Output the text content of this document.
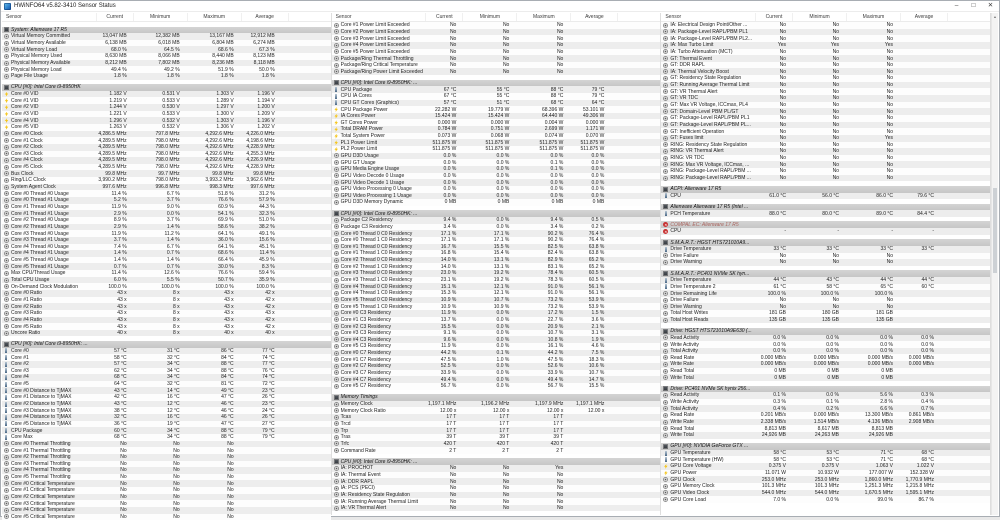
HWiNFO64 v5.82-3410 Sensor Status	–	□	✕
Sensor	Current	Minimum	Maximum	Average
System: Alienware 17 R5
Virtual Memory Committed	13,047 MB	12,382 MB	13,167 MB	12,912 MB
Virtual Memory Available	6,138 MB	6,018 MB	6,804 MB	6,274 MB
Virtual Memory Load	68.0 %	64.5 %	68.6 %	67.3 %
Physical Memory Used	8,630 MB	8,066 MB	8,440 MB	8,123 MB
Physical Memory Available	8,212 MB	7,802 MB	8,236 MB	8,118 MB
Physical Memory Load	49.4 %	49.2 %	51.9 %	50.0 %
Page File Usage	1.8 %	1.8 %	1.8 %	1.8 %
CPU [#0]: Intel Core i9-8950HK
Core #0 VID	1.182 V	0.531 V	1.303 V	1.196 V
Core #1 VID	1.219 V	0.533 V	1.289 V	1.194 V
Core #2 VID	1.244 V	0.530 V	1.297 V	1.200 V
Core #3 VID	1.221 V	0.533 V	1.300 V	1.209 V
Core #4 VID	1.296 V	0.532 V	1.303 V	1.196 V
Core #5 VID	1.263 V	0.532 V	1.306 V	1.202 V
Core #0 Clock	4,286.5 MHz	797.8 MHz	4,292.6 MHz	4,226.0 MHz
Core #1 Clock	4,289.5 MHz	798.0 MHz	4,292.6 MHz	4,198.6 MHz
Core #2 Clock	4,289.5 MHz	798.0 MHz	4,292.6 MHz	4,228.9 MHz
Core #3 Clock	4,289.5 MHz	798.0 MHz	4,292.6 MHz	4,255.3 MHz
Core #4 Clock	4,289.5 MHz	798.0 MHz	4,292.6 MHz	4,226.9 MHz
Core #5 Clock	4,289.5 MHz	798.0 MHz	4,292.6 MHz	4,228.9 MHz
Bus Clock	99.8 MHz	99.7 MHz	99.8 MHz	99.8 MHz
Ring/LLC Clock	3,990.2 MHz	798.0 MHz	3,993.2 MHz	3,962.6 MHz
System Agent Clock	997.6 MHz	996.8 MHz	998.3 MHz	997.6 MHz
Core #0 Thread #0 Usage	11.4 %	6.7 %	51.8 %	31.2 %
Core #0 Thread #1 Usage	5.2 %	3.7 %	76.6 %	57.9 %
Core #1 Thread #0 Usage	11.9 %	9.0 %	60.9 %	44.3 %
Core #1 Thread #1 Usage	2.9 %	0.0 %	54.1 %	32.3 %
Core #2 Thread #0 Usage	8.9 %	3.7 %	69.9 %	51.0 %
Core #2 Thread #1 Usage	2.9 %	1.4 %	58.6 %	38.2 %
Core #3 Thread #0 Usage	11.9 %	11.2 %	64.1 %	49.1 %
Core #3 Thread #1 Usage	3.7 %	1.4 %	36.0 %	15.6 %
Core #4 Thread #0 Usage	7.4 %	6.7 %	64.1 %	45.1 %
Core #4 Thread #1 Usage	1.4 %	0.7 %	68.6 %	11.4 %
Core #5 Thread #0 Usage	1.4 %	1.4 %	66.4 %	45.9 %
Core #5 Thread #1 Usage	0.7 %	0.7 %	30.0 %	8.3 %
Max CPU/Thread Usage	11.4 %	12.6 %	76.6 %	59.4 %
Total CPU Usage	6.0 %	5.5 %	50.7 %	35.9 %
On-Demand Clock Modulation	100.0 %	100.0 %	100.0 %	100.0 %
Core #0 Ratio	43 x	8 x	43 x	42 x
Core #1 Ratio	43 x	8 x	43 x	42 x
Core #2 Ratio	43 x	8 x	43 x	42 x
Core #3 Ratio	43 x	8 x	43 x	43 x
Core #4 Ratio	43 x	8 x	43 x	42 x
Core #5 Ratio	43 x	8 x	43 x	42 x
Uncore Ratio	40 x	8 x	40 x	40 x
CPU [#0]: Intel Core i9-8950HK: ...
Core #0	57 °C	31 °C	86 °C	77 °C
Core #1	58 °C	32 °C	84 °C	74 °C
Core #2	57 °C	34 °C	88 °C	77 °C
Core #3	62 °C	34 °C	88 °C	76 °C
Core #4	68 °C	34 °C	84 °C	74 °C
Core #5	64 °C	32 °C	81 °C	72 °C
Core #0 Distance to TjMAX	43 °C	14 °C	49 °C	23 °C
Core #1 Distance to TjMAX	42 °C	16 °C	47 °C	26 °C
Core #2 Distance to TjMAX	43 °C	12 °C	46 °C	23 °C
Core #3 Distance to TjMAX	38 °C	12 °C	46 °C	24 °C
Core #4 Distance to TjMAX	32 °C	16 °C	46 °C	26 °C
Core #5 Distance to TjMAX	36 °C	19 °C	47 °C	27 °C
CPU Package	60 °C	34 °C	88 °C	79 °C
Core Max	68 °C	34 °C	88 °C	79 °C
Core #0 Thermal Throttling	No	No	No
Core #1 Thermal Throttling	No	No	No
Core #2 Thermal Throttling	No	No	No
Core #3 Thermal Throttling	No	No	No
Core #4 Thermal Throttling	No	No	No
Core #5 Thermal Throttling	No	No	No
Core #0 Critical Temperature	No	No	No
Core #1 Critical Temperature	No	No	No
Core #2 Critical Temperature	No	No	No
Core #3 Critical Temperature	No	No	No
Core #4 Critical Temperature	No	No	No
Core #5 Critical Temperature	No	No	No
Sensor	Current	Minimum	Maximum	Average
Core #1 Power Limit Exceeded	No	No	No
Core #2 Power Limit Exceeded	No	No	No
Core #3 Power Limit Exceeded	No	No	No
Core #4 Power Limit Exceeded	No	No	No
Core #5 Power Limit Exceeded	No	No	No
Package/Ring Thermal Throttling	No	No	No
Package/Ring Critical Temperature	No	No	No
Package/Ring Power Limit Exceeded	No	No	No
CPU [#0]: Intel Core i9-8950HK: ...
CPU Package	67 °C	55 °C	88 °C	79 °C
CPU IA Cores	67 °C	55 °C	88 °C	79 °C
CPU GT Cores (Graphics)	57 °C	51 °C	68 °C	64 °C
CPU Package Power	22.282 W	19.779 W	68.396 W	53.101 W
IA Cores Power	15.424 W	15.424 W	64.440 W	49.306 W
GT Cores Power	0.000 W	0.000 W	0.004 W	0.000 W
Total DRAM Power	0.784 W	0.751 W	2.699 W	1.171 W
Total System Power	0.073 W	0.068 W	0.074 W	0.070 W
PL1 Power Limit	511.875 W	511.875 W	511.875 W	511.875 W
PL2 Power Limit	511.875 W	511.875 W	511.875 W	511.875 W
GPU D3D Usage	0.0 %	0.0 %	0.0 %	0.0 %
GPU GT Usage	0.0 %	0.0 %	0.1 %	0.0 %
GPU Media Engine Usage	0.0 %	0.0 %	0.1 %	0.0 %
GPU Video Decode 0 Usage	0.0 %	0.0 %	0.0 %	0.0 %
GPU Video Decode 1 Usage	0.0 %	0.0 %	0.0 %	0.0 %
GPU Video Processing 0 Usage	0.0 %	0.0 %	0.0 %	0.0 %
GPU Video Processing 1 Usage	0.0 %	0.0 %	0.0 %	0.0 %
GPU D3D Memory Dynamic	0 MB	0 MB	0 MB	0 MB
CPU [#0]: Intel Core i9-8950HK: ...
Package C2 Residency	9.4 %	0.0 %	9.4 %	0.5 %
Package C3 Residency	3.4 %	0.0 %	3.4 %	0.2 %
Core #0 Thread 0 C0 Residency	17.1 %	17.1 %	90.2 %	76.4 %
Core #0 Thread 1 C0 Residency	17.1 %	17.1 %	90.2 %	76.4 %
Core #1 Thread 0 C0 Residency	16.7 %	15.5 %	82.5 %	63.8 %
Core #1 Thread 1 C0 Residency	16.8 %	15.4 %	82.4 %	63.8 %
Core #2 Thread 0 C0 Residency	14.0 %	13.1 %	82.9 %	65.2 %
Core #2 Thread 1 C0 Residency	14.0 %	13.1 %	83.1 %	65.2 %
Core #3 Thread 0 C0 Residency	23.0 %	19.2 %	78.4 %	60.5 %
Core #3 Thread 1 C0 Residency	23.1 %	19.2 %	78.3 %	60.5 %
Core #4 Thread 0 C0 Residency	15.1 %	12.1 %	91.0 %	56.1 %
Core #4 Thread 1 C0 Residency	15.3 %	12.1 %	91.0 %	56.1 %
Core #5 Thread 0 C0 Residency	10.9 %	10.7 %	73.2 %	53.9 %
Core #5 Thread 1 C0 Residency	10.9 %	10.9 %	73.2 %	53.9 %
Core #0 C3 Residency	11.9 %	0.0 %	17.2 %	1.5 %
Core #1 C3 Residency	13.7 %	0.0 %	22.7 %	3.6 %
Core #2 C3 Residency	15.5 %	0.0 %	20.9 %	2.1 %
Core #3 C3 Residency	9.1 %	0.0 %	10.7 %	3.1 %
Core #4 C3 Residency	9.6 %	0.0 %	10.8 %	1.9 %
Core #5 C3 Residency	11.9 %	0.0 %	16.1 %	4.6 %
Core #0 C7 Residency	44.2 %	0.1 %	44.2 %	7.5 %
Core #1 C7 Residency	47.5 %	1.0 %	47.5 %	18.3 %
Core #2 C7 Residency	52.5 %	0.0 %	52.6 %	10.6 %
Core #3 C7 Residency	33.9 %	0.0 %	33.9 %	10.7 %
Core #4 C7 Residency	49.4 %	0.0 %	49.4 %	14.7 %
Core #5 C7 Residency	56.7 %	0.0 %	56.7 %	15.5 %
Memory Timings
Memory Clock	1,197.1 MHz	1,196.2 MHz	1,197.9 MHz	1,197.1 MHz
Memory Clock Ratio	12.00 x	12.00 x	12.00 x	12.00 x
Tcas	17 T	17 T	17 T
Trcd	17 T	17 T	17 T
Trp	17 T	17 T	17 T
Tras	39 T	39 T	39 T
Trfc	420 T	420 T	420 T
Command Rate	2 T	2 T	2 T
CPU [#0]: Intel Core i9-8950HK: ...
IA: PROCHOT	No	No	Yes
IA: Thermal Event	No	No	No
IA: DDR RAPL	No	No	No
IA: PCS (PECI)	No	No	No
IA: Residency State Regulation	No	No	No
IA: Running Average Thermal Limit	No	No	No
IA: VR Thermal Alert	No	No	No
Sensor	Current	Minimum	Maximum	Average
IA: Electrical Design Point/Other ...	No	No	No
IA: Package-Level RAPL/PBM PL1	No	No	No
IA: Package-Level RAPL/PBM PL2...	No	No	No
IA: Max Turbo Limit	Yes	Yes	Yes
IA: Turbo Attenuation (MCT)	No	No	No
GT: Thermal Event	No	No	No
GT: DDR RAPL	No	No	No
IA: Thermal Velocity Boost	No	No	No
GT: Residency State Regulation	No	No	No
GT: Running Average Thermal Limit	No	No	No
GT: VR Thermal Alert	No	No	No
GT: VR TDC	No	No	No
GT: Max VR Voltage, ICCmax, PL4	No	No	No
GT: Domain-Level PBM PL/GT	No	No	No
GT: Package-Level RAPL/PBM PL1	No	No	No
GT: Package-Level RAPL/PBM PL...	No	No	No
GT: Inefficient Operation	No	No	No
GT: Fuses limit	No	No	Yes
RING: Residency State Regulation	No	No	No
RING: VR Thermal Alert	No	No	No
RING: VR TDC	No	No	No
RING: Max VR Voltage, ICCmax, ...	No	No	No
RING: Package-Level RAPL/PBM ...	No	No	No
RING: Package-Level RAPL/PBM ...	No	No	No
ACPI: Alienware 17 R5
CPU	61.0 °C	56.0 °C	86.0 °C	79.6 °C
Alienware Alienware 17 R5 (Intel ...
PCH Temperature	88.0 °C	80.0 °C	89.0 °C	84.4 °C
× COMPAL EC: Alienware 17 R5
× CPU	-	-	-	-
S.M.A.R.T.: HGST HTS721010A9...
Drive Temperature	33 °C	33 °C	33 °C	33 °C
Drive Failure	No	No	No
Drive Warning	No	No	No
S.M.A.R.T.: PC401 NVMe SK hyn...
Drive Temperature	44 °C	43 °C	44 °C	44 °C
Drive Temperature 2	61 °C	58 °C	65 °C	60 °C
Drive Remaining Life	100.0 %	100.0 %	100.0 %
Drive Failure	No	No	No
Drive Warning	No	No	No
Total Host Writes	181 GB	180 GB	181 GB
Total Host Reads	135 GB	135 GB	135 GB
Drive: HGST HTS721010A9E630 (...
Read Activity	0.0 %	0.0 %	0.0 %	0.0 %
Write Activity	0.0 %	0.0 %	0.0 %	0.0 %
Total Activity	0.0 %	0.0 %	0.0 %	0.0 %
Read Rate	0.000 MB/s	0.000 MB/s	0.000 MB/s	0.000 MB/s
Write Rate	0.000 MB/s	0.000 MB/s	0.000 MB/s	0.000 MB/s
Read Total	0 MB	0 MB	0 MB
Write Total	0 MB	0 MB	0 MB
Drive: PC401 NVMe SK hynix 256...
Read Activity	0.1 %	0.0 %	5.6 %	0.3 %
Write Activity	0.3 %	0.1 %	2.8 %	0.4 %
Total Activity	0.4 %	0.2 %	6.6 %	0.7 %
Read Rate	0.201 MB/s	0.000 MB/s	13.300 MB/s	0.861 MB/s
Write Rate	2.338 MB/s	1.514 MB/s	4.136 MB/s	2.908 MB/s
Read Total	8,813 MB	8,617 MB	8,813 MB
Write Total	24,926 MB	24,263 MB	24,926 MB
GPU [#0]: NVIDIA GeForce GTX ...
GPU Temperature	58 °C	53 °C	71 °C	68 °C
GPU Temperature (HW)	58 °C	53 °C	71 °C	68 °C
GPU Core Voltage	0.375 V	0.375 V	1.063 V	1.022 V
GPU Power	11.071 W	10.932 W	177.007 W	152.328 W
GPU Clock	253.0 MHz	253.0 MHz	1,860.0 MHz	1,770.9 MHz
GPU Memory Clock	101.3 MHz	101.3 MHz	1,251.3 MHz	1,215.8 MHz
GPU Video Clock	544.0 MHz	544.0 MHz	1,670.5 MHz	1,595.1 MHz
GPU Core Load	7.0 %	0.0 %	99.0 %	86.7 %
▲
